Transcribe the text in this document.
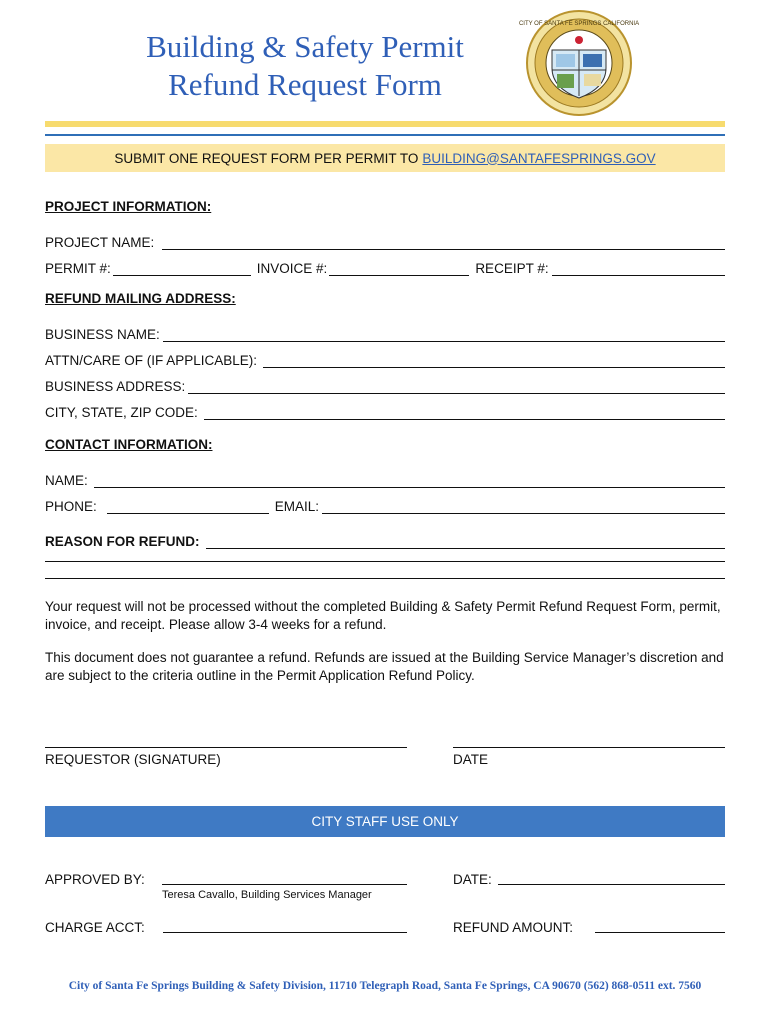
Building & Safety Permit
Refund Request Form
CITY OF SANTA FE SPRINGS CALIFORNIA
SUBMIT ONE REQUEST FORM PER PERMIT TO BUILDING@SANTAFESPRINGS.GOV
PROJECT INFORMATION:
PROJECT NAME:
PERMIT #:	INVOICE #:	RECEIPT #:
REFUND MAILING ADDRESS:
BUSINESS NAME:
ATTN/CARE OF (IF APPLICABLE):
BUSINESS ADDRESS:
CITY, STATE, ZIP CODE:
CONTACT INFORMATION:
NAME:
PHONE:	EMAIL:
REASON FOR REFUND:
Your request will not be processed without the completed Building & Safety Permit Refund Request Form, permit, invoice, and receipt. Please allow 3-4 weeks for a refund.
This document does not guarantee a refund. Refunds are issued at the Building Service Manager’s discretion and are subject to the criteria outline in the Permit Application Refund Policy.
REQUESTOR (SIGNATURE)	DATE
CITY STAFF USE ONLY
APPROVED BY:
Teresa Cavallo, Building Services Manager
DATE:
CHARGE ACCT:	REFUND AMOUNT:
City of Santa Fe Springs Building & Safety Division, 11710 Telegraph Road, Santa Fe Springs, CA 90670 (562) 868-0511 ext. 7560
